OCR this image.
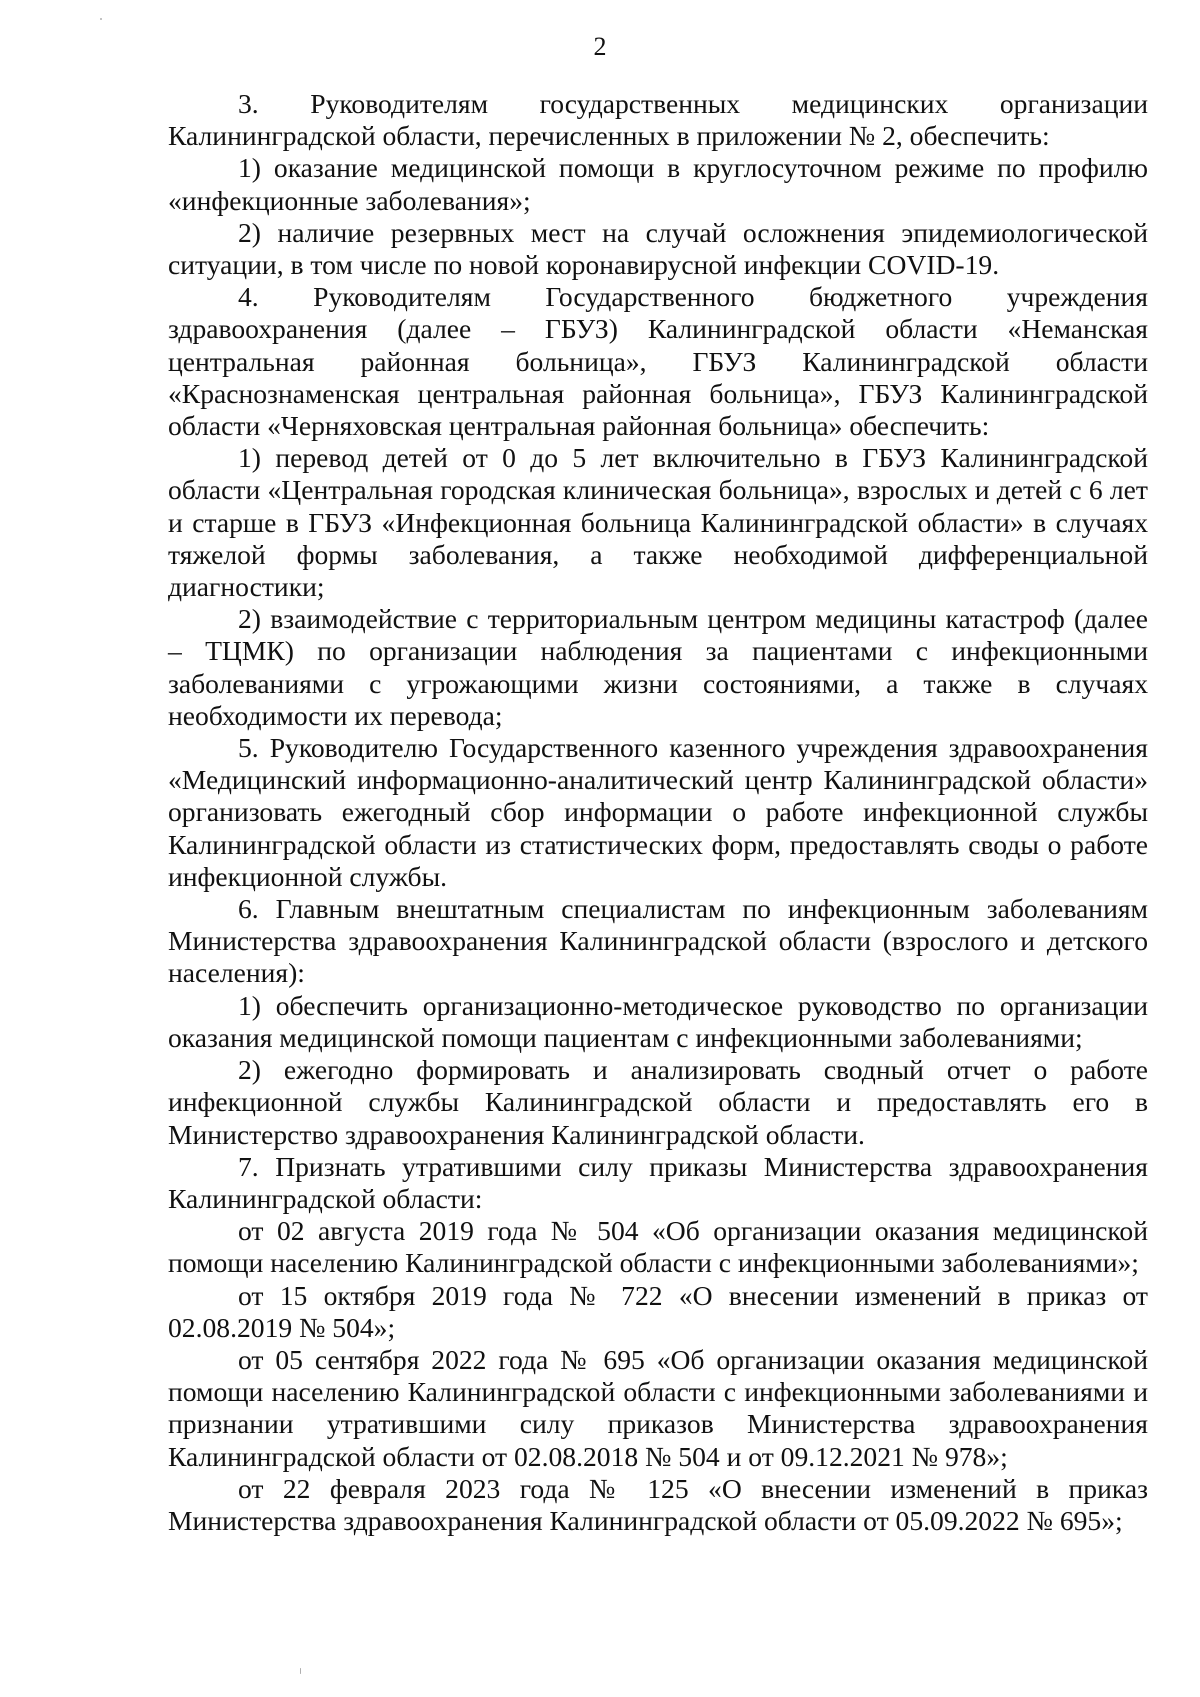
2

3. Руководителям государственных медицинских организации Калининградской области, перечисленных в приложении № 2, обеспечить:

1) оказание медицинской помощи в круглосуточном режиме по профилю «инфекционные заболевания»;

2) наличие резервных мест на случай осложнения эпидемиологической ситуации, в том числе по новой коронавирусной инфекции COVID-19.

4. Руководителям Государственного бюджетного учреждения здравоохранения (далее – ГБУЗ) Калининградской области «Неманская центральная районная больница», ГБУЗ Калининградской области «Краснознаменская центральная районная больница», ГБУЗ Калининградской области «Черняховская центральная районная больница» обеспечить:

1) перевод детей от 0 до 5 лет включительно в ГБУЗ Калининградской области «Центральная городская клиническая больница», взрослых и детей с 6 лет и старше в ГБУЗ «Инфекционная больница Калининградской области» в случаях тяжелой формы заболевания, а также необходимой дифференциальной диагностики;

2) взаимодействие с территориальным центром медицины катастроф (далее – ТЦМК) по организации наблюдения за пациентами с инфекционными заболеваниями с угрожающими жизни состояниями, а также в случаях необходимости их перевода;

5. Руководителю Государственного казенного учреждения здравоохранения «Медицинский информационно-аналитический центр Калининградской области» организовать ежегодный сбор информации о работе инфекционной службы Калининградской области из статистических форм, предоставлять своды о работе инфекционной службы.

6. Главным внештатным специалистам по инфекционным заболеваниям Министерства здравоохранения Калининградской области (взрослого и детского населения):

1) обеспечить организационно-методическое руководство по организации оказания медицинской помощи пациентам с инфекционными заболеваниями;

2) ежегодно формировать и анализировать сводный отчет о работе инфекционной службы Калининградской области и предоставлять его в Министерство здравоохранения Калининградской области.

7. Признать утратившими силу приказы Министерства здравоохранения Калининградской области:

от 02 августа 2019 года № 504 «Об организации оказания медицинской помощи населению Калининградской области с инфекционными заболеваниями»;

от 15 октября 2019 года № 722 «О внесении изменений в приказ от 02.08.2019 № 504»;

от 05 сентября 2022 года № 695 «Об организации оказания медицинской помощи населению Калининградской области с инфекционными заболеваниями и признании утратившими силу приказов Министерства здравоохранения Калининградской области от 02.08.2018 № 504 и от 09.12.2021 № 978»;

от 22 февраля 2023 года № 125 «О внесении изменений в приказ Министерства здравоохранения Калининградской области от 05.09.2022 № 695»;
